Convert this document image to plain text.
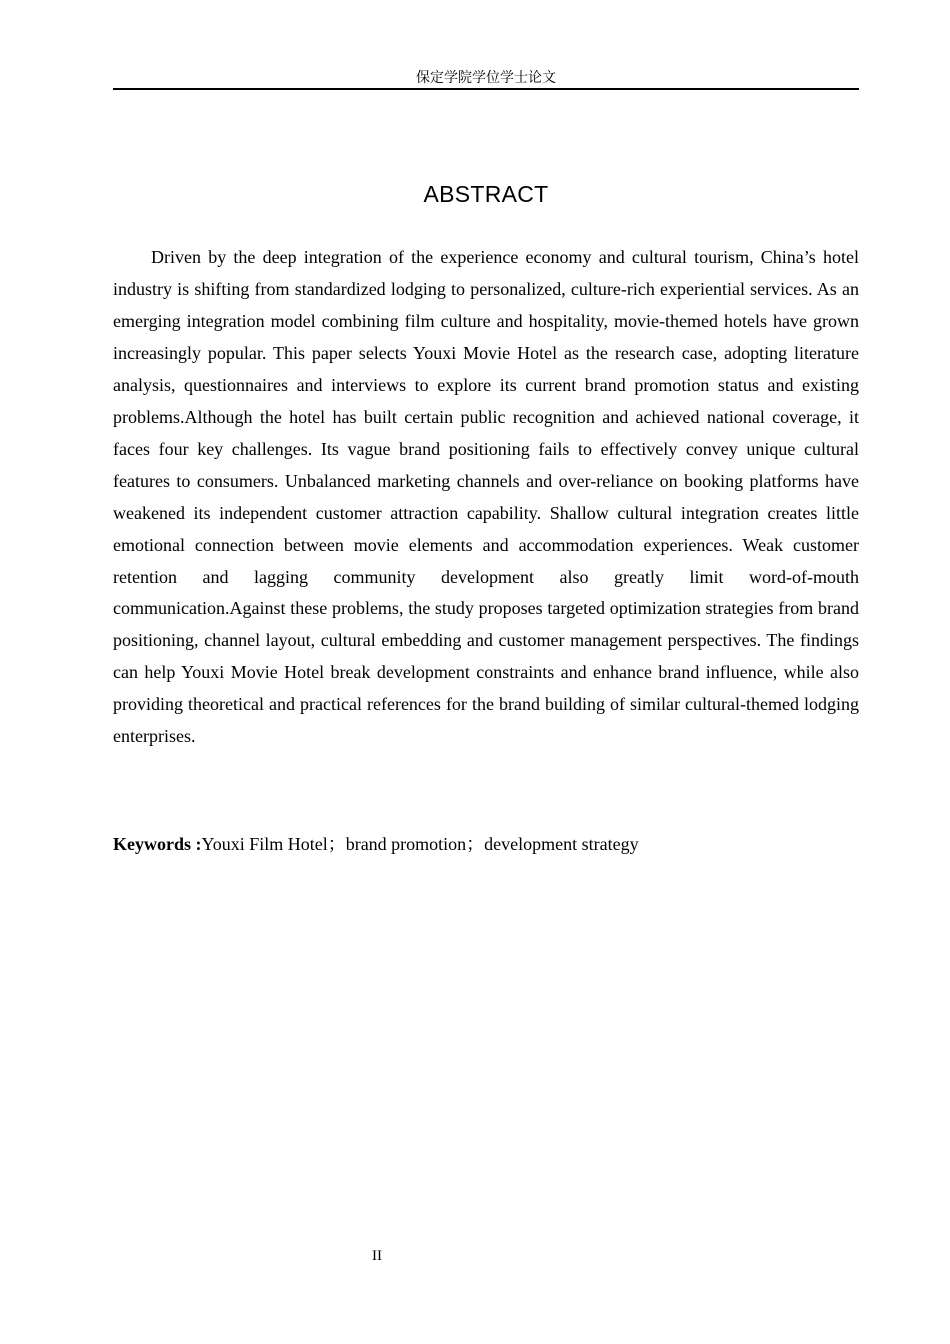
保定学院学位学士论文
ABSTRACT

Driven by the deep integration of the experience economy and cultural tourism, China’s hotel industry is shifting from standardized lodging to personalized, culture-rich experiential services. As an emerging integration model combining film culture and hospitality, movie-themed hotels have grown increasingly popular. This paper selects Youxi Movie Hotel as the research case, adopting literature analysis, questionnaires and interviews to explore its current brand promotion status and existing problems.Although the hotel has built certain public recognition and achieved national coverage, it faces four key challenges. Its vague brand positioning fails to effectively convey unique cultural features to consumers. Unbalanced marketing channels and over-reliance on booking platforms have weakened its independent customer attraction capability. Shallow cultural integration creates little emotional connection between movie elements and accommodation experiences. Weak customer retention and lagging community development also greatly limit word-of-mouth communication.Against these problems, the study proposes targeted optimization strategies from brand positioning, channel layout, cultural embedding and customer management perspectives. The findings can help Youxi Movie Hotel break development constraints and enhance brand influence, while also providing theoretical and practical references for the brand building of similar cultural-themed lodging enterprises.

Keywords :Youxi Film Hotel；brand promotion；development strategy

II
